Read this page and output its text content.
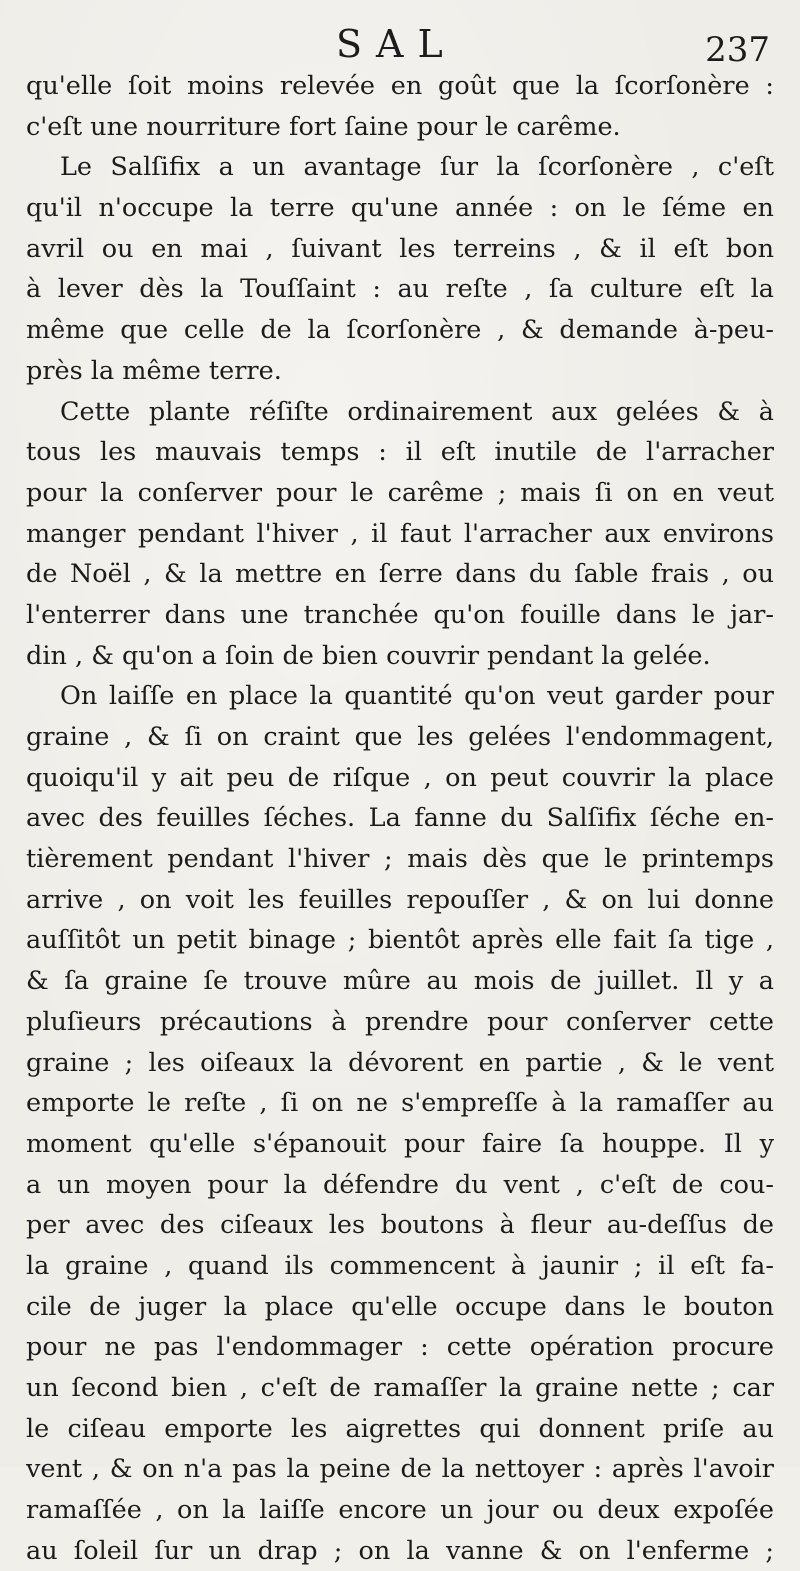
SAL	237
qu'elle ſoit moins relevée en goût que la ſcorſonère :
c'eſt une nourriture fort ſaine pour le carême.
Le Salſifix a un avantage ſur la ſcorſonère , c'eſt
qu'il n'occupe la terre qu'une année : on le ſéme en
avril ou en mai , ſuivant les terreins , & il eſt bon
à lever dès la Touſſaint : au reſte , ſa culture eſt la
même que celle de la ſcorſonère , & demande à-peu-
près la même terre.
Cette plante réſiſte ordinairement aux gelées & à
tous les mauvais temps : il eſt inutile de l'arracher
pour la conſerver pour le carême ; mais ſi on en veut
manger pendant l'hiver , il faut l'arracher aux environs
de Noël , & la mettre en ſerre dans du ſable frais , ou
l'enterrer dans une tranchée qu'on fouille dans le jar-
din , & qu'on a ſoin de bien couvrir pendant la gelée.
On laiſſe en place la quantité qu'on veut garder pour
graine , & ſi on craint que les gelées l'endommagent,
quoiqu'il y ait peu de riſque , on peut couvrir la place
avec des feuilles ſéches. La fanne du Salſifix ſéche en-
tièrement pendant l'hiver ; mais dès que le printemps
arrive , on voit les feuilles repouſſer , & on lui donne
auſſitôt un petit binage ; bientôt après elle fait ſa tige ,
& ſa graine ſe trouve mûre au mois de juillet. Il y a
pluſieurs précautions à prendre pour conſerver cette
graine ; les oiſeaux la dévorent en partie , & le vent
emporte le reſte , ſi on ne s'empreſſe à la ramaſſer au
moment qu'elle s'épanouit pour faire ſa houppe. Il y
a un moyen pour la défendre du vent , c'eſt de cou-
per avec des ciſeaux les boutons à fleur au-deſſus de
la graine , quand ils commencent à jaunir ; il eſt fa-
cile de juger la place qu'elle occupe dans le bouton
pour ne pas l'endommager : cette opération procure
un ſecond bien , c'eſt de ramaſſer la graine nette ; car
le ciſeau emporte les aigrettes qui donnent priſe au
vent , & on n'a pas la peine de la nettoyer : après l'avoir
ramaſſée , on la laiſſe encore un jour ou deux expoſée
au ſoleil ſur un drap ; on la vanne & on l'enferme ;
